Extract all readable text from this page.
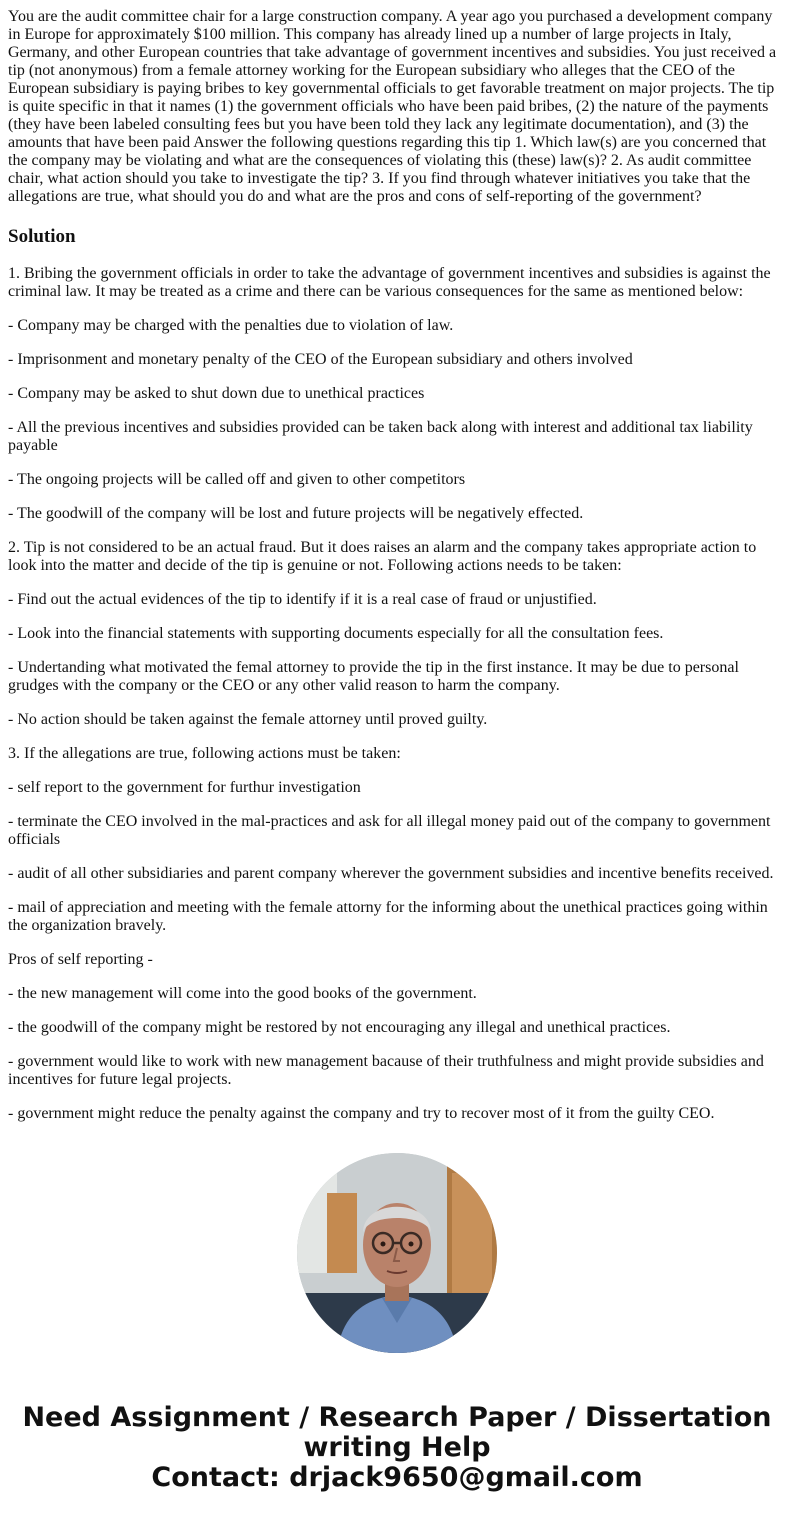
You are the audit committee chair for a large construction company. A year ago you purchased a development company in Europe for approximately $100 million. This company has already lined up a number of large projects in Italy, Germany, and other European countries that take advantage of government incentives and subsidies. You just received a tip (not anonymous) from a female attorney working for the European subsidiary who alleges that the CEO of the European subsidiary is paying bribes to key governmental officials to get favorable treatment on major projects. The tip is quite specific in that it names (1) the government officials who have been paid bribes, (2) the nature of the payments (they have been labeled consulting fees but you have been told they lack any legitimate documentation), and (3) the amounts that have been paid Answer the following questions regarding this tip 1. Which law(s) are you concerned that the company may be violating and what are the consequences of violating this (these) law(s)? 2. As audit committee chair, what action should you take to investigate the tip? 3. If you find through whatever initiatives you take that the allegations are true, what should you do and what are the pros and cons of self-reporting of the government?

Solution

1. Bribing the government officials in order to take the advantage of government incentives and subsidies is against the criminal law. It may be treated as a crime and there can be various consequences for the same as mentioned below:

- Company may be charged with the penalties due to violation of law.

- Imprisonment and monetary penalty of the CEO of the European subsidiary and others involved

- Company may be asked to shut down due to unethical practices

- All the previous incentives and subsidies provided can be taken back along with interest and additional tax liability payable

- The ongoing projects will be called off and given to other competitors

- The goodwill of the company will be lost and future projects will be negatively effected.

2. Tip is not considered to be an actual fraud. But it does raises an alarm and the company takes appropriate action to look into the matter and decide of the tip is genuine or not. Following actions needs to be taken:

- Find out the actual evidences of the tip to identify if it is a real case of fraud or unjustified.

- Look into the financial statements with supporting documents especially for all the consultation fees.

- Undertanding what motivated the femal attorney to provide the tip in the first instance. It may be due to personal grudges with the company or the CEO or any other valid reason to harm the company.

- No action should be taken against the female attorney until proved guilty.

3. If the allegations are true, following actions must be taken:

- self report to the government for furthur investigation

- terminate the CEO involved in the mal-practices and ask for all illegal money paid out of the company to government officials

- audit of all other subsidiaries and parent company wherever the government subsidies and incentive benefits received.

- mail of appreciation and meeting with the female attorny for the informing about the unethical practices going within the organization bravely.

Pros of self reporting -

- the new management will come into the good books of the government.

- the goodwill of the company might be restored by not encouraging any illegal and unethical practices.

- government would like to work with new management bacause of their truthfulness and might provide subsidies and incentives for future legal projects.

- government might reduce the penalty against the company and try to recover most of it from the guilty CEO.

Need Assignment / Research Paper / Dissertation
writing Help
Contact: drjack9650@gmail.com
